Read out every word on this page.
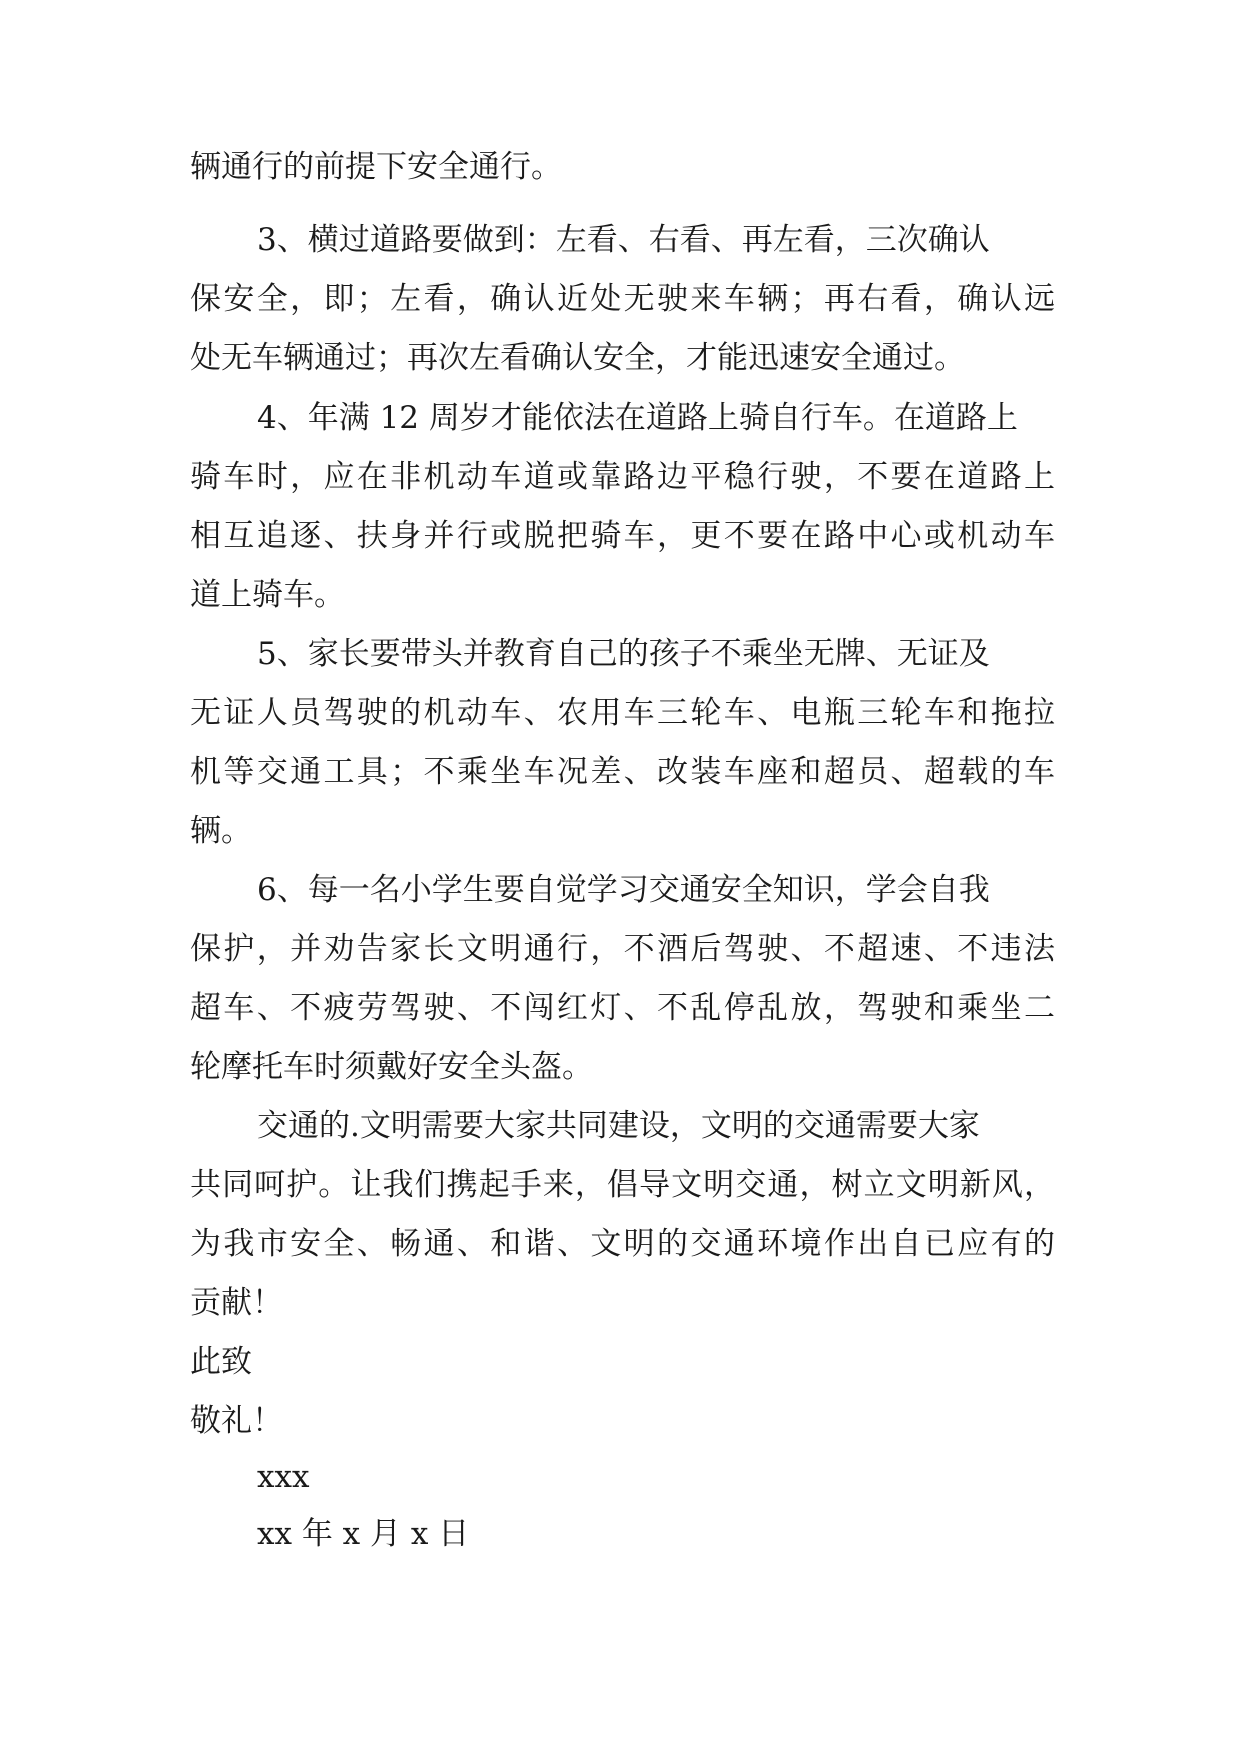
辆通行的前提下安全通行。
3、横过道路要做到：左看、右看、再左看，三次确认
保安全，即；左看，确认近处无驶来车辆；再右看，确认远
处无车辆通过；再次左看确认安全，才能迅速安全通过。
4、年满 12 周岁才能依法在道路上骑自行车。在道路上
骑车时，应在非机动车道或靠路边平稳行驶，不要在道路上
相互追逐、扶身并行或脱把骑车，更不要在路中心或机动车
道上骑车。
5、家长要带头并教育自己的孩子不乘坐无牌、无证及
无证人员驾驶的机动车、农用车三轮车、电瓶三轮车和拖拉
机等交通工具；不乘坐车况差、改装车座和超员、超载的车
辆。
6、每一名小学生要自觉学习交通安全知识，学会自我
保护，并劝告家长文明通行，不酒后驾驶、不超速、不违法
超车、不疲劳驾驶、不闯红灯、不乱停乱放，驾驶和乘坐二
轮摩托车时须戴好安全头盔。
交通的.文明需要大家共同建设，文明的交通需要大家
共同呵护。让我们携起手来，倡导文明交通，树立文明新风，
为我市安全、畅通、和谐、文明的交通环境作出自已应有的
贡献！
此致
敬礼！
xxx
xx 年 x 月 x 日
